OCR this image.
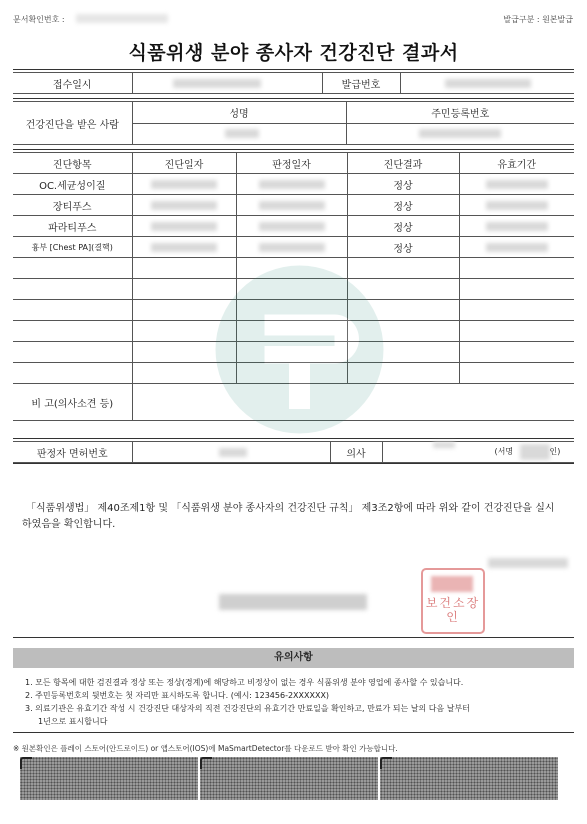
문서확인번호 :	발급구분 : 원본발급
식품위생 분야 종사자 건강진단 결과서
접수일시		발급번호	
건강진단을 받은 사람	성명	주민등록번호

진단항목	진단일자	판정일자	진단결과	유효기간
OC.세균성이질			정상	

장티푸스			정상	

파라티푸스			정상	

흉부 [Chest PA](결핵)			정상	

비 고(의사소견 등)				
판정자 면허번호		의사	(서명	인)
「식품위생법」 제40조제1항 및 「식품위생 분야 종사자의 건강진단 규칙」 제3조2항에 따라 위와 같이 건강진단을 실시하였음을 확인합니다.
보건소장 인
유의사항
1. 모든 항목에 대한 검진결과 정상 또는 정상(경계)에 해당하고 비정상이 없는 경우 식품위생 분야 영업에 종사할 수 있습니다.
2. 주민등록번호의 뒷번호는 첫 자리만 표시하도록 합니다. (예시: 123456-2XXXXXX)
3. 의료기관은 유효기간 작성 시 건강진단 대상자의 직전 건강진단의 유효기간 만료일을 확인하고, 만료가 되는 날의 다음 날부터
1년으로 표시합니다
※ 원본확인은 플레이 스토어(안드로이드) or 앱스토어(IOS)에 MaSmartDetector를 다운로드 받아 확인 가능합니다.
